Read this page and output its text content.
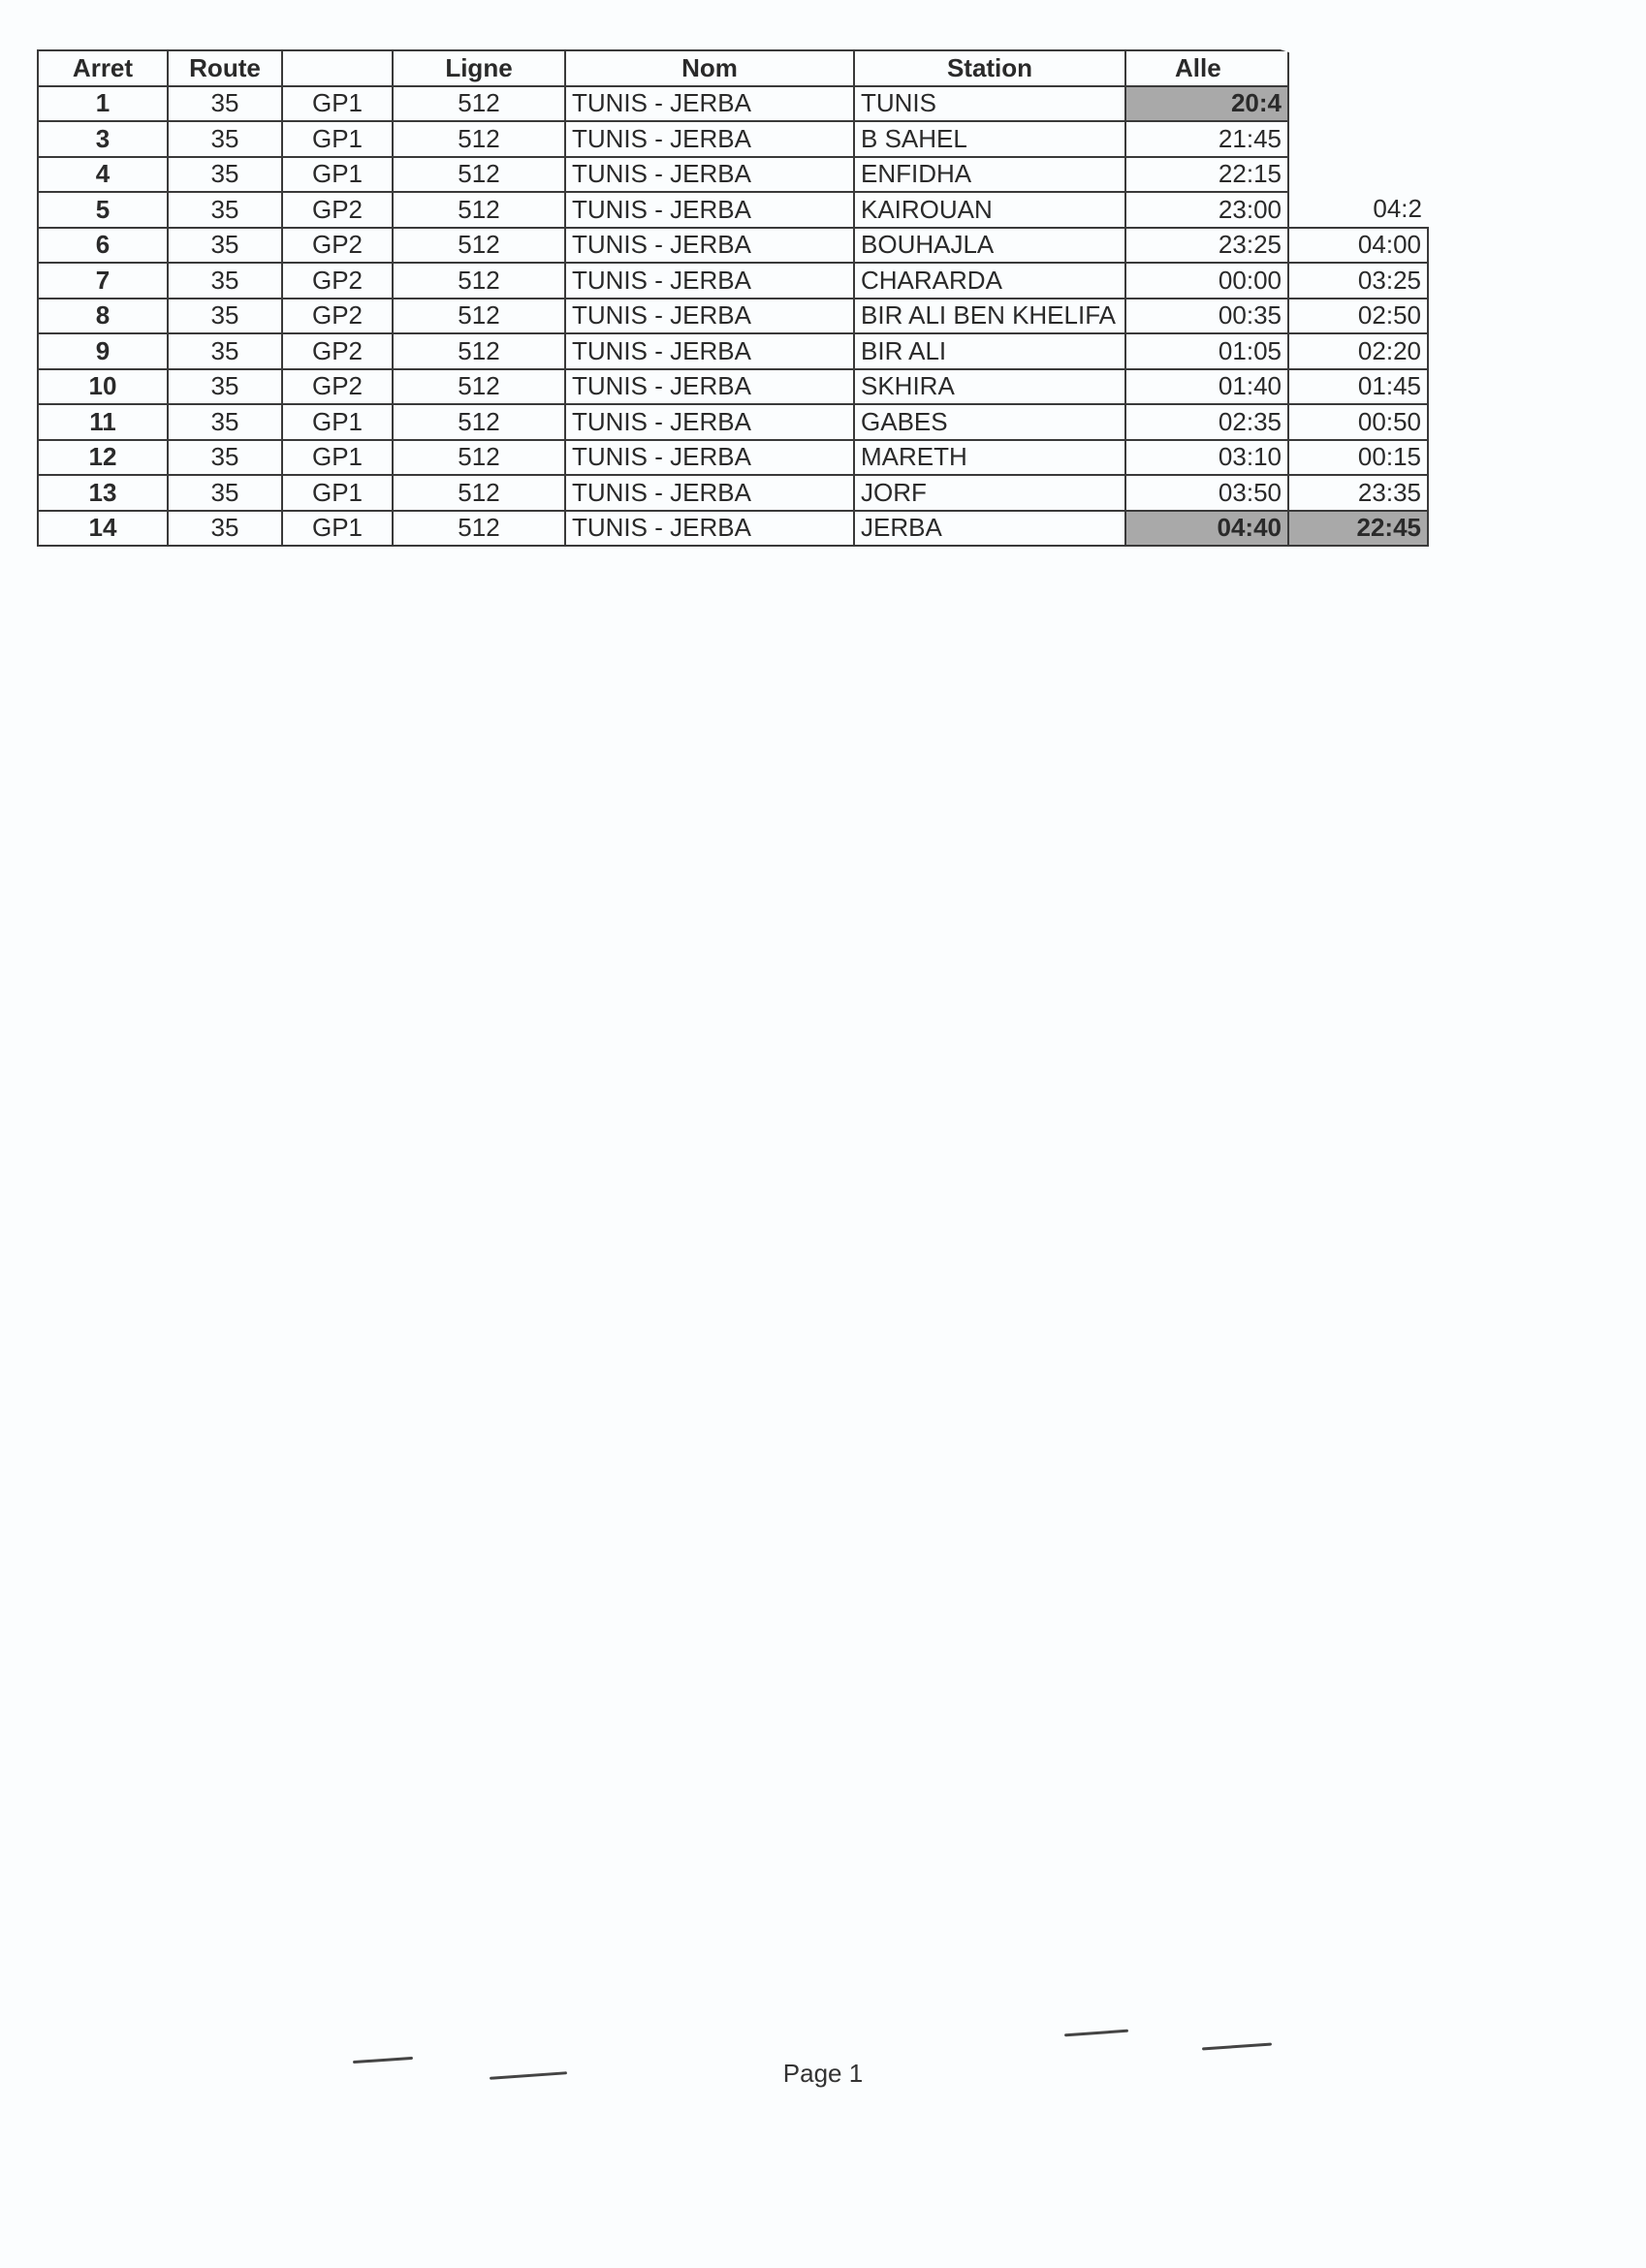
Arret	Route		Ligne	Nom	Station	Alle	
1	35	GP1	512	TUNIS - JERBA	TUNIS	20:4	
3	35	GP1	512	TUNIS - JERBA	B SAHEL	21:45	
4	35	GP1	512	TUNIS - JERBA	ENFIDHA	22:15	
5	35	GP2	512	TUNIS - JERBA	KAIROUAN	23:00	04:2
6	35	GP2	512	TUNIS - JERBA	BOUHAJLA	23:25	04:00
7	35	GP2	512	TUNIS - JERBA	CHARARDA	00:00	03:25
8	35	GP2	512	TUNIS - JERBA	BIR ALI BEN KHELIFA	00:35	02:50
9	35	GP2	512	TUNIS - JERBA	BIR ALI	01:05	02:20
10	35	GP2	512	TUNIS - JERBA	SKHIRA	01:40	01:45
11	35	GP1	512	TUNIS - JERBA	GABES	02:35	00:50
12	35	GP1	512	TUNIS - JERBA	MARETH	03:10	00:15
13	35	GP1	512	TUNIS - JERBA	JORF	03:50	23:35
14	35	GP1	512	TUNIS - JERBA	JERBA	04:40	22:45
Page 1
